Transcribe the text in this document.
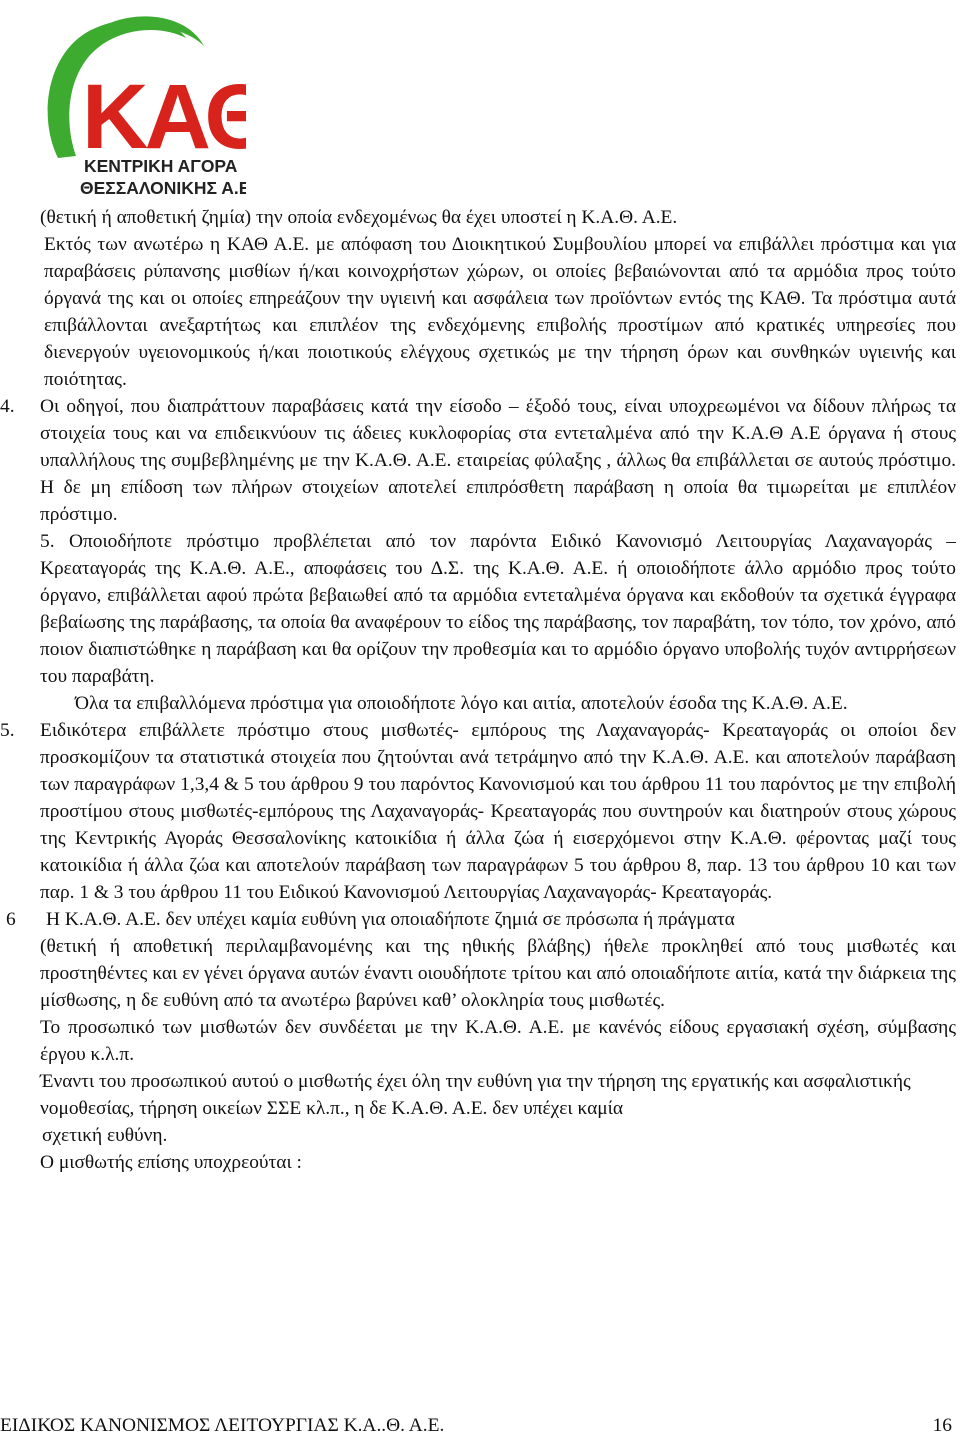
ΚΑΘ
ΚΕΝΤΡΙΚΗ ΑΓΟΡΑ
ΘΕΣΣΑΛΟΝΙΚΗΣ Α.Ε

(θετική ή αποθετική ζημία) την οποία ενδεχομένως θα έχει υποστεί η Κ.Α.Θ. Α.Ε.

Εκτός των ανωτέρω η ΚΑΘ Α.Ε. με απόφαση του Διοικητικού Συμβουλίου μπορεί να επιβάλλει πρόστιμα και για παραβάσεις ρύπανσης μισθίων ή/και κοινοχρήστων χώρων, οι οποίες βεβαιώνονται από τα αρμόδια προς τούτο όργανά της και οι οποίες επηρεάζουν την υγιεινή και ασφάλεια των προϊόντων εντός της ΚΑΘ. Τα πρόστιμα αυτά επιβάλλονται ανεξαρτήτως και επιπλέον της ενδεχόμενης επιβολής προστίμων από κρατικές υπηρεσίες που διενεργούν υγειονομικούς ή/και ποιοτικούς ελέγχους σχετικώς με την τήρηση όρων και συνθηκών υγιεινής και ποιότητας.

4.	Οι οδηγοί, που διαπράττουν παραβάσεις κατά την είσοδο – έξοδό τους, είναι υποχρεωμένοι να δίδουν πλήρως τα στοιχεία τους και να επιδεικνύουν τις άδειες κυκλοφορίας στα εντεταλμένα από την Κ.Α.Θ Α.Ε όργανα ή στους υπαλλήλους της συμβεβλημένης με την Κ.Α.Θ. Α.Ε. εταιρείας φύλαξης , άλλως θα επιβάλλεται σε αυτούς πρόστιμο. Η δε μη επίδοση των πλήρων στοιχείων αποτελεί επιπρόσθετη παράβαση η οποία θα τιμωρείται με επιπλέον πρόστιμο.

5. Οποιοδήποτε πρόστιμο προβλέπεται από τον παρόντα Ειδικό Κανονισμό Λειτουργίας Λαχαναγοράς – Κρεαταγοράς της Κ.Α.Θ. Α.Ε., αποφάσεις του Δ.Σ. της Κ.Α.Θ. Α.Ε. ή οποιοδήποτε άλλο αρμόδιο προς τούτο όργανο, επιβάλλεται αφού πρώτα βεβαιωθεί από τα αρμόδια εντεταλμένα όργανα και εκδοθούν τα σχετικά έγγραφα βεβαίωσης της παράβασης, τα οποία θα αναφέρουν το είδος της παράβασης, τον παραβάτη, τον τόπο, τον χρόνο, από ποιον διαπιστώθηκε η παράβαση και θα ορίζουν την προθεσμία και το αρμόδιο όργανο υποβολής τυχόν αντιρρήσεων του παραβάτη.

Όλα τα επιβαλλόμενα πρόστιμα για οποιοδήποτε λόγο και αιτία, αποτελούν έσοδα της Κ.Α.Θ. Α.Ε.

5.	Ειδικότερα επιβάλλετε πρόστιμο στους μισθωτές- εμπόρους της Λαχαναγοράς- Κρεαταγοράς οι οποίοι δεν προσκομίζουν τα στατιστικά στοιχεία που ζητούνται ανά τετράμηνο από την Κ.Α.Θ. Α.Ε. και αποτελούν παράβαση των παραγράφων 1,3,4 & 5 του άρθρου 9 του παρόντος Κανονισμού και του άρθρου 11 του παρόντος με την επιβολή προστίμου στους μισθωτές-εμπόρους της Λαχαναγοράς- Κρεαταγοράς που συντηρούν και διατηρούν στους χώρους της Κεντρικής Αγοράς Θεσσαλονίκης κατοικίδια ή άλλα ζώα ή εισερχόμενοι στην Κ.Α.Θ. φέροντας μαζί τους κατοικίδια ή άλλα ζώα και αποτελούν παράβαση των παραγράφων 5 του άρθρου 8, παρ. 13 του άρθρου 10 και των παρ. 1 & 3 του άρθρου 11 του Ειδικού Κανονισμού Λειτουργίας Λαχαναγοράς- Κρεαταγοράς.

6	Η Κ.Α.Θ. Α.Ε. δεν υπέχει καμία ευθύνη για οποιαδήποτε ζημιά σε πρόσωπα ή πράγματα

(θετική ή αποθετική περιλαμβανομένης και της ηθικής βλάβης) ήθελε προκληθεί από τους μισθωτές και προστηθέντες και εν γένει όργανα αυτών έναντι οιουδήποτε τρίτου και από οποιαδήποτε αιτία, κατά την διάρκεια της μίσθωσης, η δε ευθύνη από τα ανωτέρω βαρύνει καθ’ ολοκληρία τους μισθωτές.

Το προσωπικό των μισθωτών δεν συνδέεται με την Κ.Α.Θ. Α.Ε. με κανένός είδους εργασιακή σχέση, σύμβασης έργου κ.λ.π.

Έναντι του προσωπικού αυτού ο μισθωτής έχει όλη την ευθύνη για την τήρηση της εργατικής και ασφαλιστικής νομοθεσίας, τήρηση οικείων ΣΣΕ κλ.π., η δε Κ.Α.Θ. Α.Ε. δεν υπέχει καμία

σχετική ευθύνη.

Ο μισθωτής επίσης υποχρεούται :

ΕΙΔΙΚΟΣ ΚΑΝΟΝΙΣΜΟΣ ΛΕΙΤΟΥΡΓΙΑΣ Κ.Α..Θ. Α.Ε.	16
